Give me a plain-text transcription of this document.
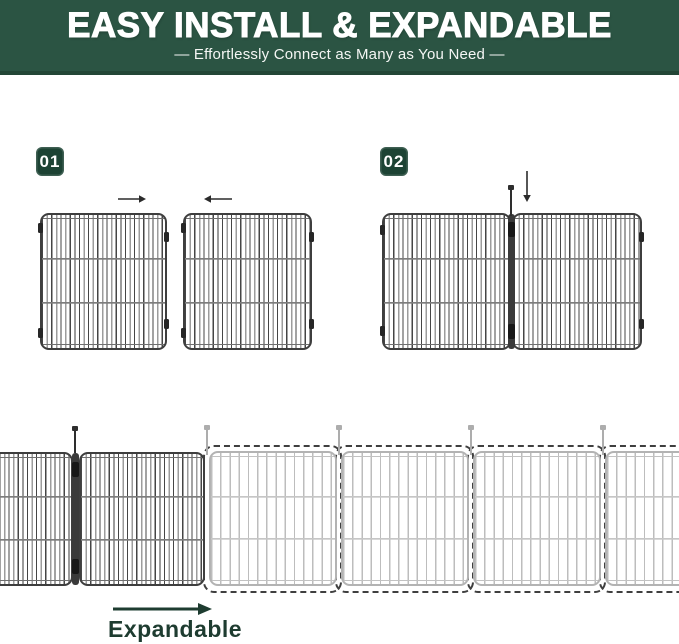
EASY INSTALL & EXPANDABLE
— Effortlessly Connect as Many as You Need —
01	02
Expandable
